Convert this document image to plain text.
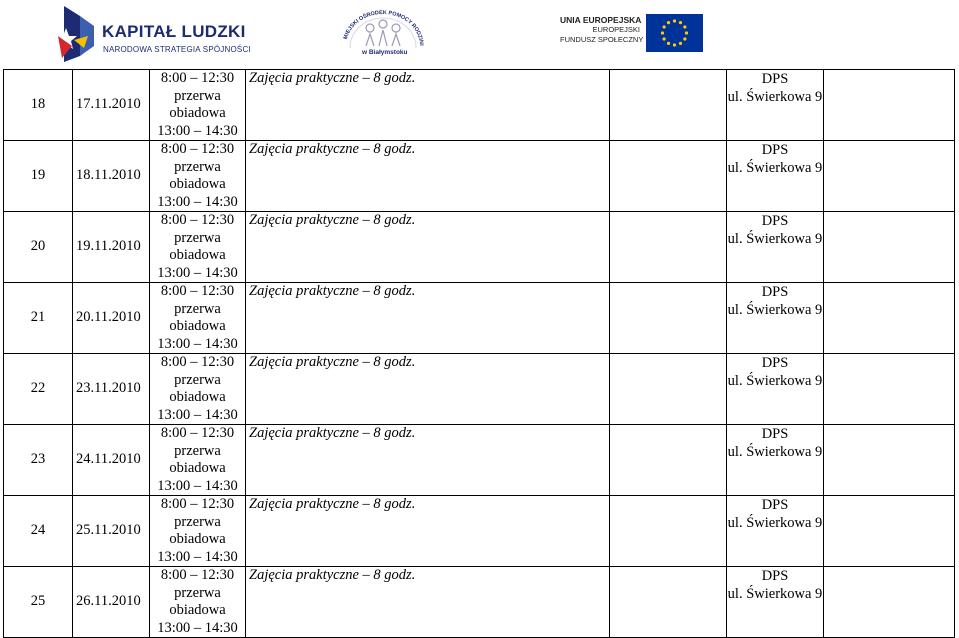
KAPITAŁ LUDZKI
NARODOWA STRATEGIA SPÓJNOŚCI
MIEJSKI OŚRODEK POMOCY RODZINI
w Białymstoku
UNIA EUROPEJSKA
EUROPEJSKI
FUNDUSZ SPOŁECZNY
18	17.11.2010	8:00 – 12:30
przerwa
obiadowa
13:00 – 14:30	Zajęcia praktyczne – 8 godz.		DPS
ul. Świerkowa 9	

19	18.11.2010	8:00 – 12:30
przerwa
obiadowa
13:00 – 14:30	Zajęcia praktyczne – 8 godz.		DPS
ul. Świerkowa 9	

20	19.11.2010	8:00 – 12:30
przerwa
obiadowa
13:00 – 14:30	Zajęcia praktyczne – 8 godz.		DPS
ul. Świerkowa 9	

21	20.11.2010	8:00 – 12:30
przerwa
obiadowa
13:00 – 14:30	Zajęcia praktyczne – 8 godz.		DPS
ul. Świerkowa 9	

22	23.11.2010	8:00 – 12:30
przerwa
obiadowa
13:00 – 14:30	Zajęcia praktyczne – 8 godz.		DPS
ul. Świerkowa 9	

23	24.11.2010	8:00 – 12:30
przerwa
obiadowa
13:00 – 14:30	Zajęcia praktyczne – 8 godz.		DPS
ul. Świerkowa 9	

24	25.11.2010	8:00 – 12:30
przerwa
obiadowa
13:00 – 14:30	Zajęcia praktyczne – 8 godz.		DPS
ul. Świerkowa 9	

25	26.11.2010	8:00 – 12:30
przerwa
obiadowa
13:00 – 14:30	Zajęcia praktyczne – 8 godz.		DPS
ul. Świerkowa 9	
